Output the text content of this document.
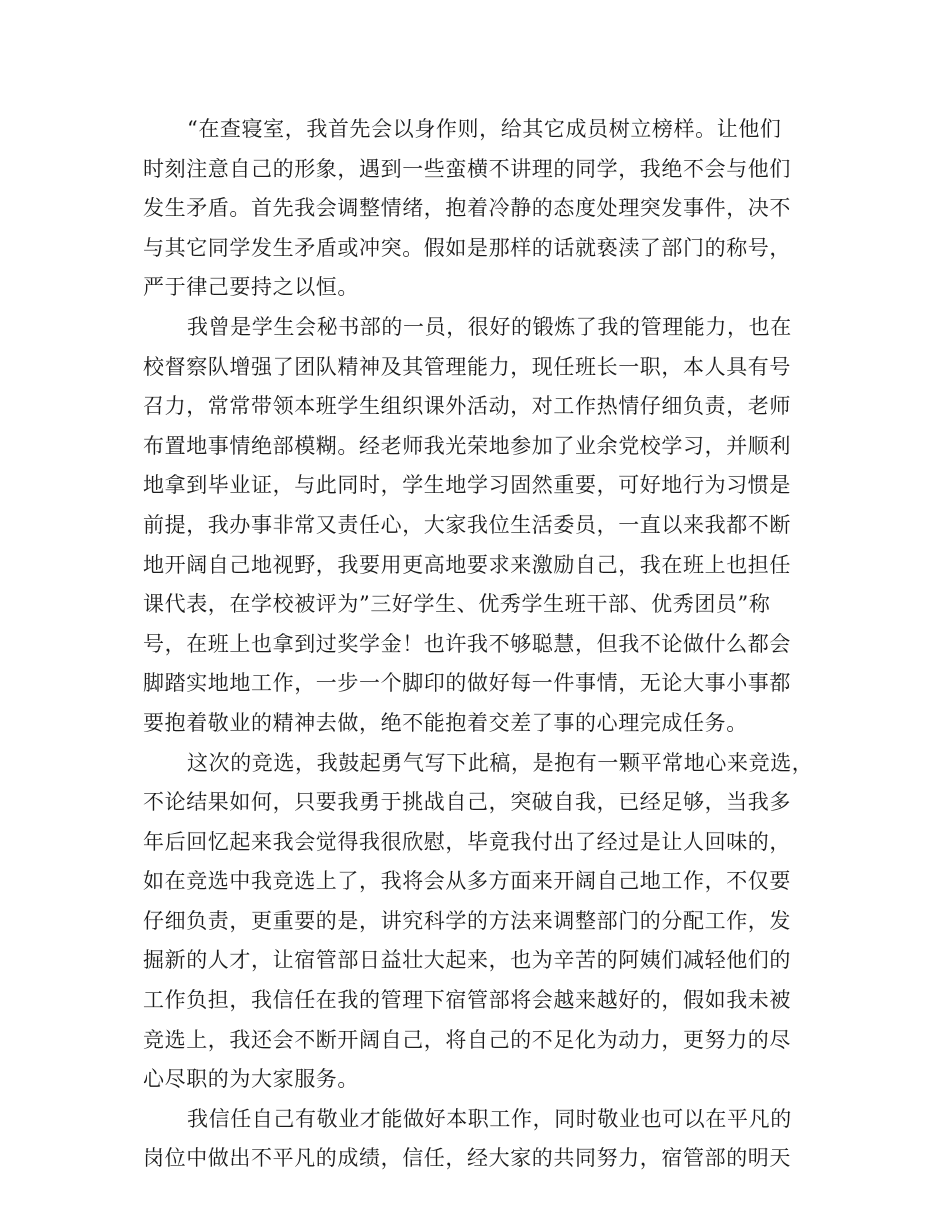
“在查寝室，我首先会以身作则，给其它成员树立榜样。让他们
时刻注意自己的形象，遇到一些蛮横不讲理的同学，我绝不会与他们
发生矛盾。首先我会调整情绪，抱着冷静的态度处理突发事件，决不
与其它同学发生矛盾或冲突。假如是那样的话就亵渎了部门的称号，
严于律己要持之以恒。
我曾是学生会秘书部的一员，很好的锻炼了我的管理能力，也在
校督察队增强了团队精神及其管理能力，现任班长一职，本人具有号
召力，常常带领本班学生组织课外活动，对工作热情仔细负责，老师
布置地事情绝部模糊。经老师我光荣地参加了业余党校学习，并顺利
地拿到毕业证，与此同时，学生地学习固然重要，可好地行为习惯是
前提，我办事非常又责任心，大家我位生活委员，一直以来我都不断
地开阔自己地视野，我要用更高地要求来激励自己，我在班上也担任
课代表，在学校被评为”三好学生、优秀学生班干部、优秀团员”称
号，在班上也拿到过奖学金！也许我不够聪慧，但我不论做什么都会
脚踏实地地工作，一步一个脚印的做好每一件事情，无论大事小事都
要抱着敬业的精神去做，绝不能抱着交差了事的心理完成任务。
这次的竞选，我鼓起勇气写下此稿，是抱有一颗平常地心来竞选，
不论结果如何，只要我勇于挑战自己，突破自我，已经足够，当我多
年后回忆起来我会觉得我很欣慰，毕竟我付出了经过是让人回味的，
如在竞选中我竞选上了，我将会从多方面来开阔自己地工作，不仅要
仔细负责，更重要的是，讲究科学的方法来调整部门的分配工作，发
掘新的人才，让宿管部日益壮大起来，也为辛苦的阿姨们减轻他们的
工作负担，我信任在我的管理下宿管部将会越来越好的，假如我未被
竞选上，我还会不断开阔自己，将自己的不足化为动力，更努力的尽
心尽职的为大家服务。
我信任自己有敬业才能做好本职工作，同时敬业也可以在平凡的
岗位中做出不平凡的成绩，信任，经大家的共同努力，宿管部的明天
